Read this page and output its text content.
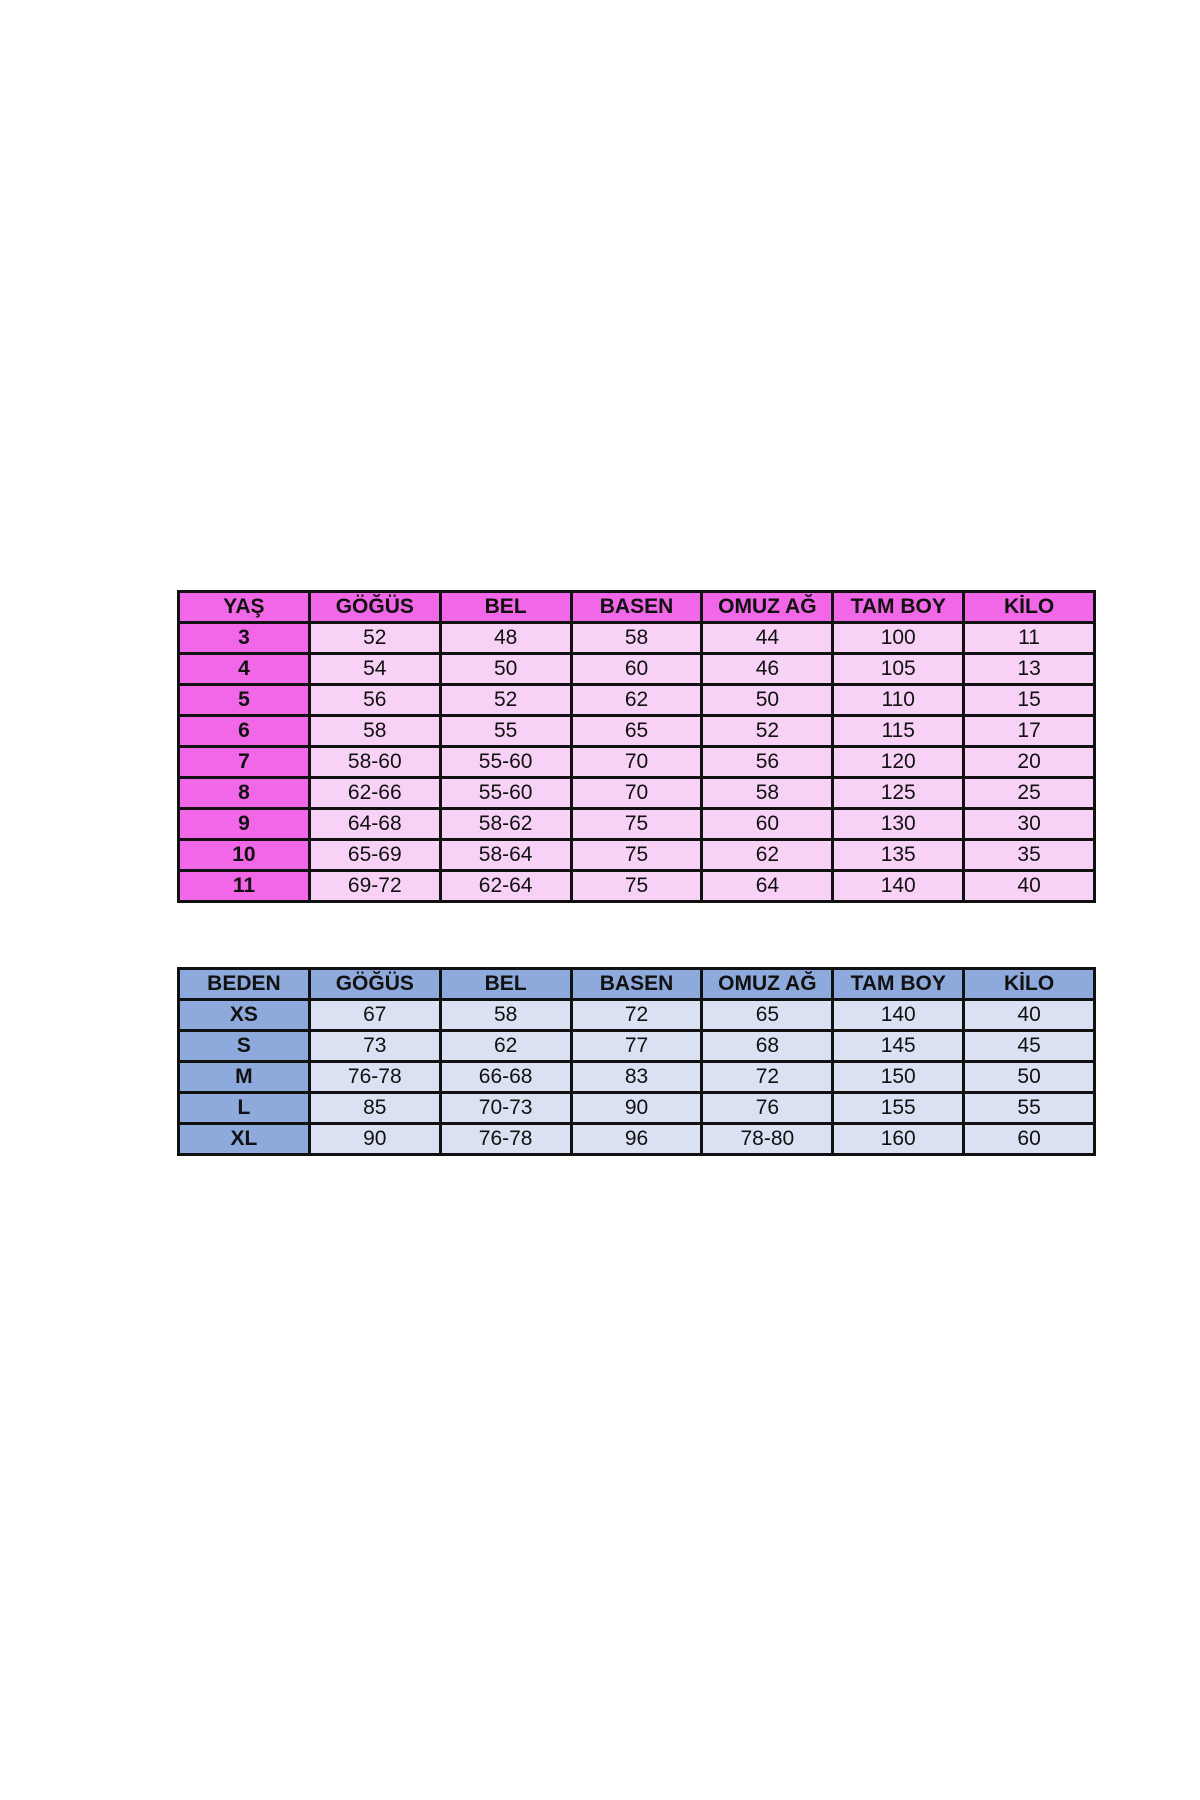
YAŞ	GÖĞÜS	BEL	BASEN	OMUZ AĞ	TAM BOY	KİLO
3	52	48	58	44	100	11
4	54	50	60	46	105	13
5	56	52	62	50	110	15
6	58	55	65	52	115	17
7	58-60	55-60	70	56	120	20
8	62-66	55-60	70	58	125	25
9	64-68	58-62	75	60	130	30
10	65-69	58-64	75	62	135	35
11	69-72	62-64	75	64	140	40
BEDEN	GÖĞÜS	BEL	BASEN	OMUZ AĞ	TAM BOY	KİLO
XS	67	58	72	65	140	40
S	73	62	77	68	145	45
M	76-78	66-68	83	72	150	50
L	85	70-73	90	76	155	55
XL	90	76-78	96	78-80	160	60
